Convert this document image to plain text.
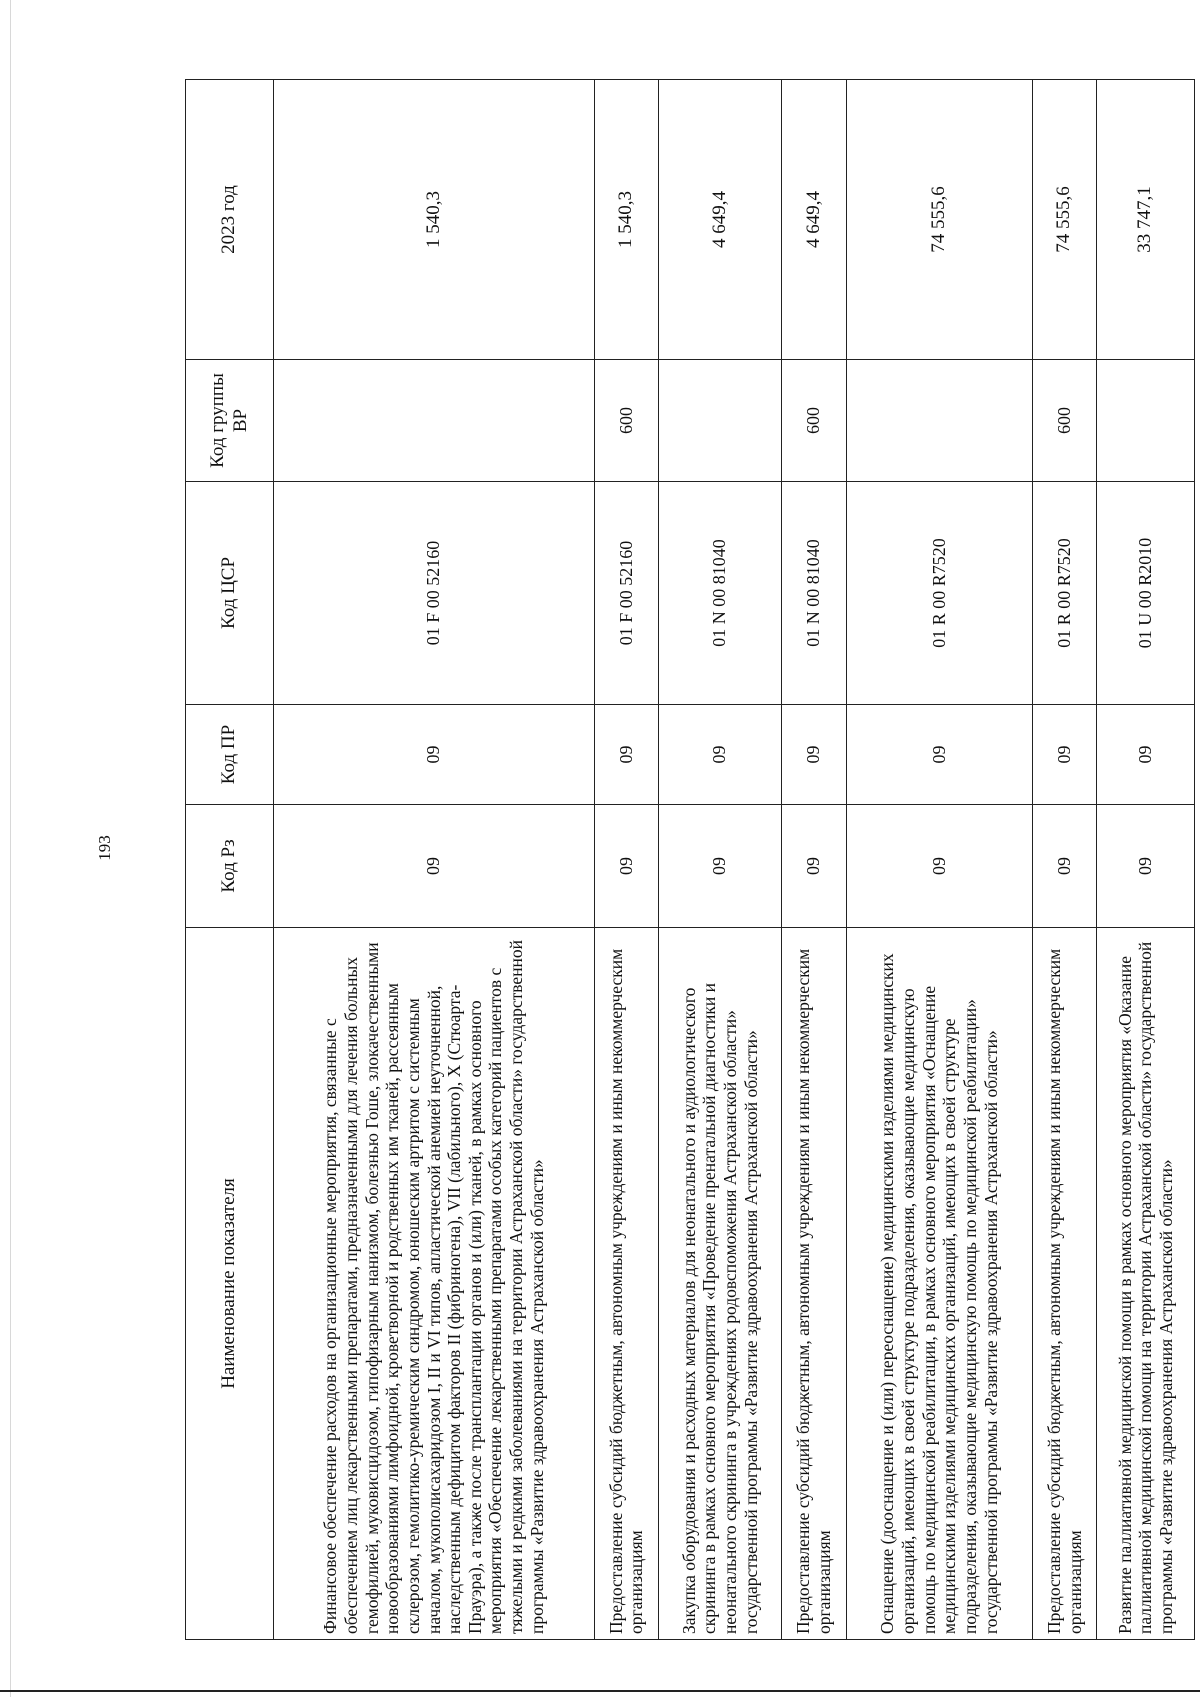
193
Наименование показателя	Код Рз	Код ПР	Код ЦСР	Код группы ВР	2023 год
Финансовое обеспечение расходов на организационные мероприятия, связанные с обеспечением лиц лекарственными препаратами, предназначенными для лечения больных гемофилией, муковисцидозом, гипофизарным нанизмом, болезнью Гоше, злокачественными новообразованиями лимфоидной, кроветворной и родственных им тканей, рассеянным склерозом, гемолитико-уремическим синдромом, юношеским артритом с системным началом, мукополисахаридозом I, II и VI типов, апластической анемией неуточненной, наследственным дефицитом факторов II (фибриногена), VII (лабильного), X (Стюарта-Прауэра), а также после трансплантации органов и (или) тканей, в рамках основного мероприятия «Обеспечение лекарственными препаратами особых категорий пациентов с тяжелыми и редкими заболеваниями на территории Астраханской области» государственной программы «Развитие здравоохранения Астраханской области»	09	09	01 F 00 52160		1 540,3
Предоставление субсидий бюджетным, автономным учреждениям и иным некоммерческим организациям	09	09	01 F 00 52160	600	1 540,3
Закупка оборудования и расходных материалов для неонатального и аудиологического скрининга в рамках основного мероприятия «Проведение пренатальной диагностики и неонатального скрининга в учреждениях родовспоможения Астраханской области» государственной программы «Развитие здравоохранения Астраханской области»	09	09	01 N 00 81040		4 649,4
Предоставление субсидий бюджетным, автономным учреждениям и иным некоммерческим организациям	09	09	01 N 00 81040	600	4 649,4
Оснащение (дооснащение и (или) переоснащение) медицинскими изделиями медицинских организаций, имеющих в своей структуре подразделения, оказывающие медицинскую помощь по медицинской реабилитации, в рамках основного мероприятия «Оснащение медицинскими изделиями медицинских организаций, имеющих в своей структуре подразделения, оказывающие медицинскую помощь по медицинской реабилитации» государственной программы «Развитие здравоохранения Астраханской области»	09	09	01 R 00 R7520		74 555,6
Предоставление субсидий бюджетным, автономным учреждениям и иным некоммерческим организациям	09	09	01 R 00 R7520	600	74 555,6
Развитие паллиативной медицинской помощи в рамках основного мероприятия «Оказание паллиативной медицинской помощи на территории Астраханской области» государственной программы «Развитие здравоохранения Астраханской области»	09	09	01 U 00 R2010		33 747,1
